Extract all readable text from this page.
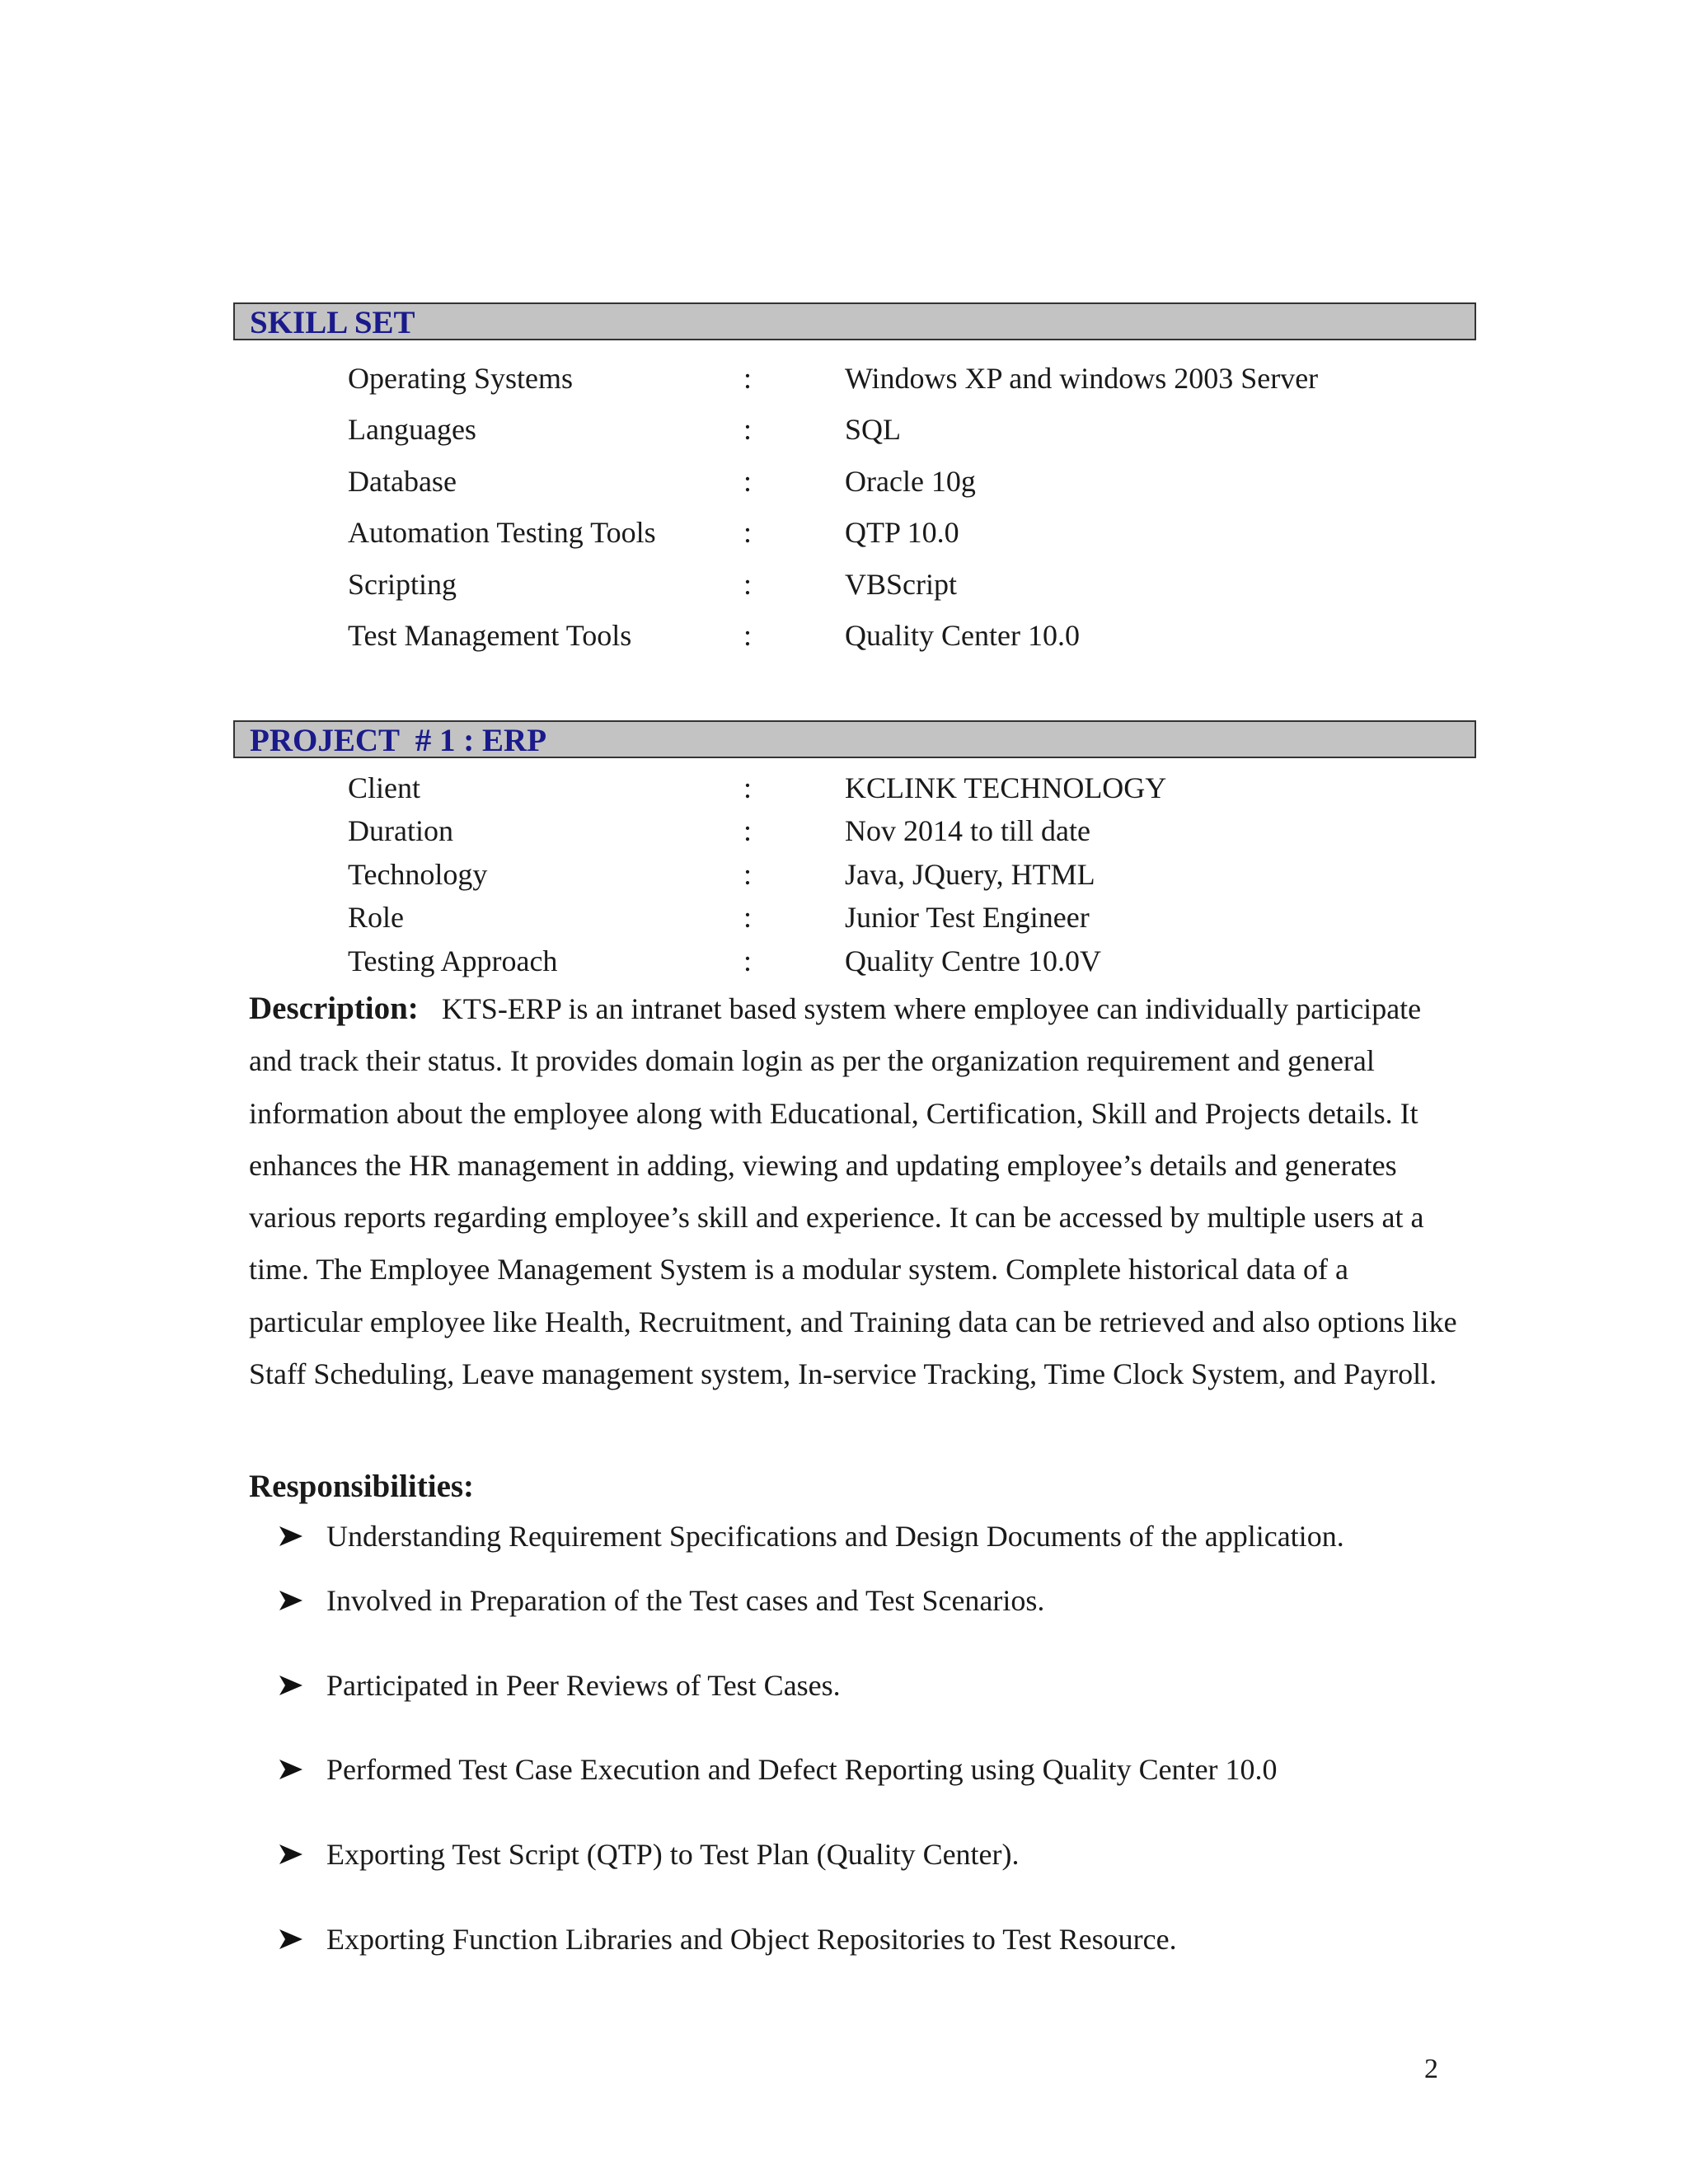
SKILL SET
Operating Systems	:	Windows XP and windows 2003 Server
Languages	:	SQL
Database	:	Oracle 10g
Automation Testing Tools	:	QTP 10.0
Scripting	:	VBScript
Test Management Tools	:	Quality Center 10.0
PROJECT  # 1 : ERP
Client	:	KCLINK TECHNOLOGY
Duration	:	Nov 2014 to till date
Technology	:	Java, JQuery, HTML
Role	:	Junior Test Engineer
Testing Approach	:	Quality Centre 10.0V

Description: KTS-ERP is an intranet based system where employee can individually participate and track their status. It provides domain login as per the organization requirement and general information about the employee along with Educational, Certification, Skill and Projects details. It enhances the HR management in adding, viewing and updating employee’s details and generates various reports regarding employee’s skill and experience. It can be accessed by multiple users at a time. The Employee Management System is a modular system. Complete historical data of a particular employee like Health, Recruitment, and Training data can be retrieved and also options like Staff Scheduling, Leave management system, In-service Tracking, Time Clock System, and Payroll.

Responsibilities:
Understanding Requirement Specifications and Design Documents of the application.
Involved in Preparation of the Test cases and Test Scenarios.
Participated in Peer Reviews of Test Cases.
Performed Test Case Execution and Defect Reporting using Quality Center 10.0
Exporting Test Script (QTP) to Test Plan (Quality Center).
Exporting Function Libraries and Object Repositories to Test Resource.
2
